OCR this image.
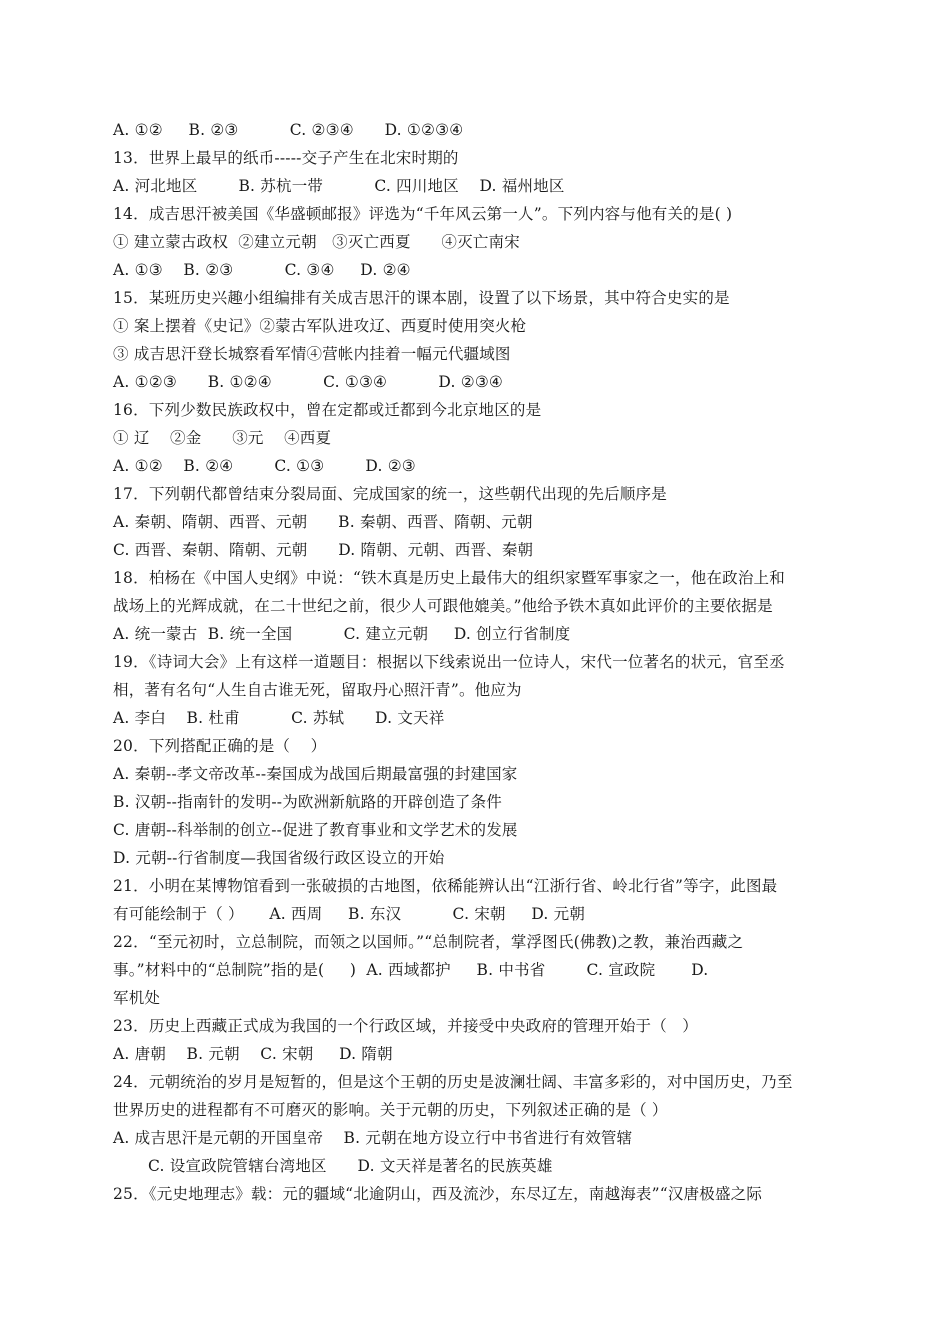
A. ①②     B. ②③          C. ②③④      D. ①②③④
13．世界上最早的纸币-----交子产生在北宋时期的
A. 河北地区        B. 苏杭一带          C. 四川地区    D. 福州地区
14．成吉思汗被美国《华盛顿邮报》评选为“千年风云第一人”。下列内容与他有关的是( )
① 建立蒙古政权  ②建立元朝   ③灭亡西夏      ④灭亡南宋
A. ①③    B. ②③          C. ③④     D. ②④
15．某班历史兴趣小组编排有关成吉思汗的课本剧，设置了以下场景，其中符合史实的是
① 案上摆着《史记》②蒙古军队进攻辽、西夏时使用突火枪
③ 成吉思汗登长城察看军情④营帐内挂着一幅元代疆域图
A. ①②③      B. ①②④          C. ①③④          D. ②③④
16．下列少数民族政权中，曾在定都或迁都到今北京地区的是
① 辽    ②金      ③元    ④西夏
A. ①②    B. ②④        C. ①③        D. ②③
17．下列朝代都曾结束分裂局面、完成国家的统一，这些朝代出现的先后顺序是
A. 秦朝、隋朝、西晋、元朝      B. 秦朝、西晋、隋朝、元朝
C. 西晋、秦朝、隋朝、元朝      D. 隋朝、元朝、西晋、秦朝
18．柏杨在《中国人史纲》中说：“铁木真是历史上最伟大的组织家暨军事家之一，他在政治上和
战场上的光辉成就，在二十世纪之前，很少人可跟他媲美。”他给予铁木真如此评价的主要依据是
A. 统一蒙古  B. 统一全国          C. 建立元朝     D. 创立行省制度
19．《诗词大会》上有这样一道题目：根据以下线索说出一位诗人，宋代一位著名的状元，官至丞
相，著有名句“人生自古谁无死，留取丹心照汗青”。他应为
A. 李白    B. 杜甫          C. 苏轼      D. 文天祥
20．下列搭配正确的是（    ）
A. 秦朝--孝文帝改革--秦国成为战国后期最富强的封建国家
B. 汉朝--指南针的发明--为欧洲新航路的开辟创造了条件
C. 唐朝--科举制的创立--促进了教育事业和文学艺术的发展
D. 元朝--行省制度—我国省级行政区设立的开始
21．小明在某博物馆看到一张破损的古地图，依稀能辨认出“江浙行省、岭北行省”等字，此图最
有可能绘制于（ ）     A. 西周     B. 东汉          C. 宋朝     D. 元朝
22．“至元初时，立总制院，而领之以国师。”“总制院者，掌浮图氏(佛教)之教，兼治西藏之
事。”材料中的“总制院”指的是(     )  A. 西域都护     B. 中书省        C. 宣政院       D.
军机处
23．历史上西藏正式成为我国的一个行政区域，并接受中央政府的管理开始于（   ）
A. 唐朝    B. 元朝    C. 宋朝     D. 隋朝
24．元朝统治的岁月是短暂的，但是这个王朝的历史是波澜壮阔、丰富多彩的，对中国历史，乃至
世界历史的进程都有不可磨灭的影响。关于元朝的历史，下列叙述正确的是（ ）
A. 成吉思汗是元朝的开国皇帝    B. 元朝在地方设立行中书省进行有效管辖
C. 设宣政院管辖台湾地区      D. 文天祥是著名的民族英雄
25．《元史地理志》载：元的疆域“北逾阴山，西及流沙，东尽辽左，南越海表”“汉唐极盛之际
